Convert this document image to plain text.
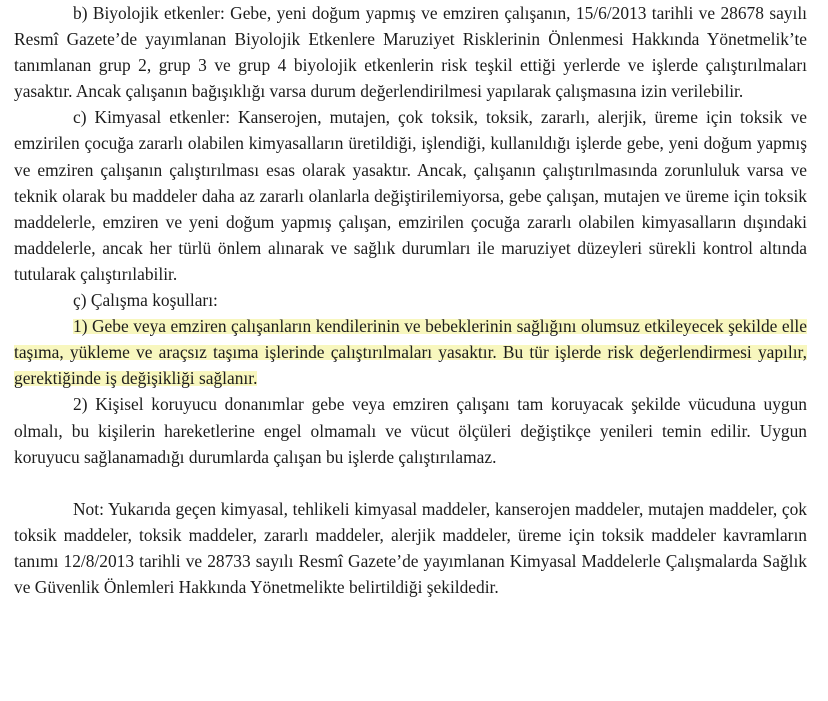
b) Biyolojik etkenler: Gebe, yeni doğum yapmış ve emziren çalışanın, 15/6/2013 tarihli ve 28678 sayılı Resmî Gazete’de yayımlanan Biyolojik Etkenlere Maruziyet Risklerinin Önlenmesi Hakkında Yönetmelik’te tanımlanan grup 2, grup 3 ve grup 4 biyolojik etkenlerin risk teşkil ettiği yerlerde ve işlerde çalıştırılmaları yasaktır. Ancak çalışanın bağışıklığı varsa durum değerlendirilmesi yapılarak çalışmasına izin verilebilir.

c) Kimyasal etkenler: Kanserojen, mutajen, çok toksik, toksik, zararlı, alerjik, üreme için toksik ve emzirilen çocuğa zararlı olabilen kimyasalların üretildiği, işlendiği, kullanıldığı işlerde gebe, yeni doğum yapmış ve emziren çalışanın çalıştırılması esas olarak yasaktır. Ancak, çalışanın çalıştırılmasında zorunluluk varsa ve teknik olarak bu maddeler daha az zararlı olanlarla değiştirilemiyorsa, gebe çalışan, mutajen ve üreme için toksik maddelerle, emziren ve yeni doğum yapmış çalışan, emzirilen çocuğa zararlı olabilen kimyasalların dışındaki maddelerle, ancak her türlü önlem alınarak ve sağlık durumları ile maruziyet düzeyleri sürekli kontrol altında tutularak çalıştırılabilir.

ç) Çalışma koşulları:

1) Gebe veya emziren çalışanların kendilerinin ve bebeklerinin sağlığını olumsuz etkileyecek şekilde elle taşıma, yükleme ve araçsız taşıma işlerinde çalıştırılmaları yasaktır. Bu tür işlerde risk değerlendirmesi yapılır, gerektiğinde iş değişikliği sağlanır.

2) Kişisel koruyucu donanımlar gebe veya emziren çalışanı tam koruyacak şekilde vücuduna uygun olmalı, bu kişilerin hareketlerine engel olmamalı ve vücut ölçüleri değiştikçe yenileri temin edilir. Uygun koruyucu sağlanamadığı durumlarda çalışan bu işlerde çalıştırılamaz.

Not: Yukarıda geçen kimyasal, tehlikeli kimyasal maddeler, kanserojen maddeler, mutajen maddeler, çok toksik maddeler, toksik maddeler, zararlı maddeler, alerjik maddeler, üreme için toksik maddeler kavramların tanımı 12/8/2013 tarihli ve 28733 sayılı Resmî Gazete’de yayımlanan Kimyasal Maddelerle Çalışmalarda Sağlık ve Güvenlik Önlemleri Hakkında Yönetmelikte belirtildiği şekildedir.
